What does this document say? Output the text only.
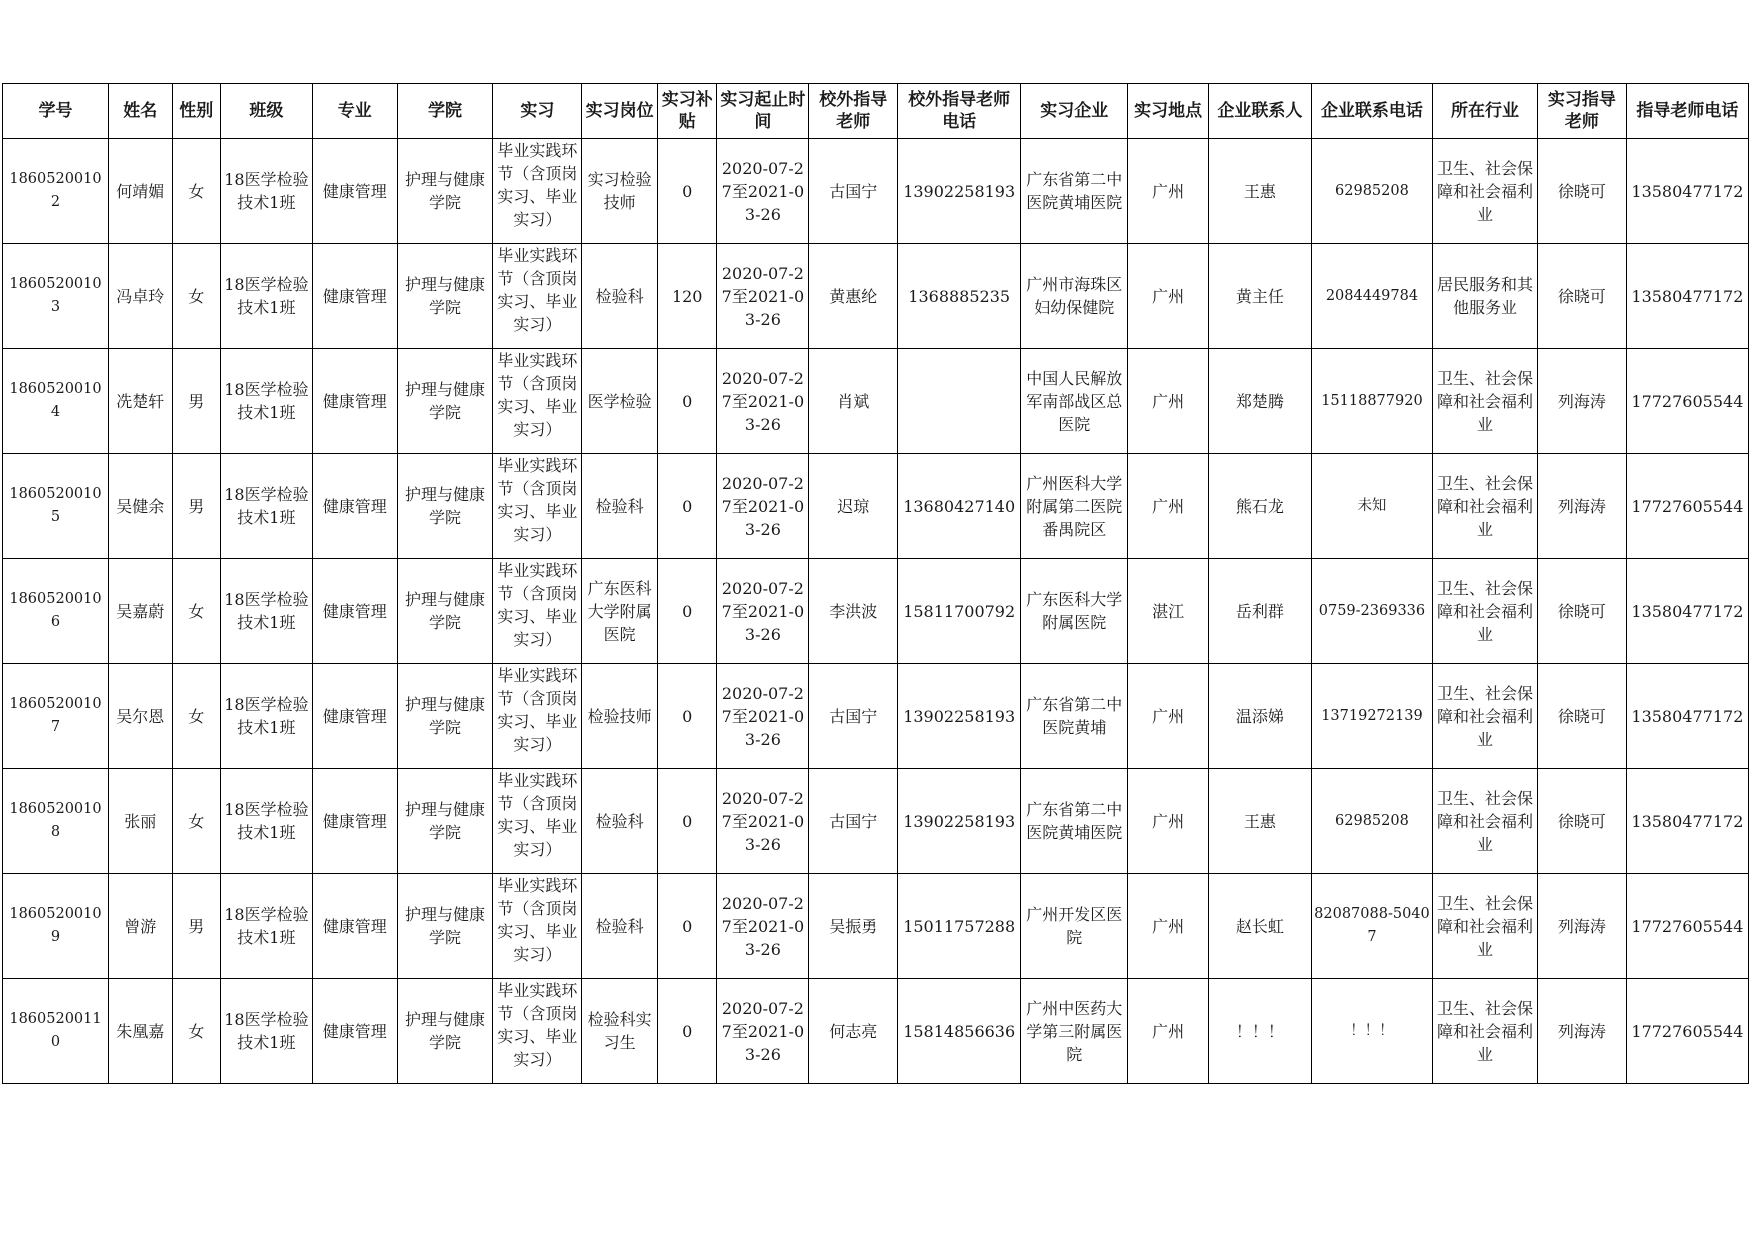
学号	姓名	性别	班级	专业	学院	实习	实习岗位	实习补贴	实习起止时间	校外指导老师	校外指导老师电话	实习企业	实习地点	企业联系人	企业联系电话	所在行业	实习指导老师	指导老师电话
18605200102	何靖媚	女	18医学检验技术1班	健康管理	护理与健康学院	毕业实践环节（含顶岗实习、毕业实习）	实习检验技师	0	2020-07-27至2021-03-26	古国宁	13902258193	广东省第二中医院黄埔医院	广州	王惠	62985208	卫生、社会保障和社会福利业	徐晓可	13580477172
18605200103	冯卓玲	女	18医学检验技术1班	健康管理	护理与健康学院	毕业实践环节（含顶岗实习、毕业实习）	检验科	120	2020-07-27至2021-03-26	黄惠纶	1368885235	广州市海珠区妇幼保健院	广州	黄主任	2084449784	居民服务和其他服务业	徐晓可	13580477172
18605200104	冼楚轩	男	18医学检验技术1班	健康管理	护理与健康学院	毕业实践环节（含顶岗实习、毕业实习）	医学检验	0	2020-07-27至2021-03-26	肖斌		中国人民解放军南部战区总医院	广州	郑楚腾	15118877920	卫生、社会保障和社会福利业	列海涛	17727605544
18605200105	吴健余	男	18医学检验技术1班	健康管理	护理与健康学院	毕业实践环节（含顶岗实习、毕业实习）	检验科	0	2020-07-27至2021-03-26	迟琼	13680427140	广州医科大学附属第二医院番禺院区	广州	熊石龙	未知	卫生、社会保障和社会福利业	列海涛	17727605544
18605200106	吴嘉蔚	女	18医学检验技术1班	健康管理	护理与健康学院	毕业实践环节（含顶岗实习、毕业实习）	广东医科大学附属医院	0	2020-07-27至2021-03-26	李洪波	15811700792	广东医科大学附属医院	湛江	岳利群	0759-2369336	卫生、社会保障和社会福利业	徐晓可	13580477172
18605200107	吴尔恩	女	18医学检验技术1班	健康管理	护理与健康学院	毕业实践环节（含顶岗实习、毕业实习）	检验技师	0	2020-07-27至2021-03-26	古国宁	13902258193	广东省第二中医院黄埔	广州	温添娣	13719272139	卫生、社会保障和社会福利业	徐晓可	13580477172
18605200108	张丽	女	18医学检验技术1班	健康管理	护理与健康学院	毕业实践环节（含顶岗实习、毕业实习）	检验科	0	2020-07-27至2021-03-26	古国宁	13902258193	广东省第二中医院黄埔医院	广州	王惠	62985208	卫生、社会保障和社会福利业	徐晓可	13580477172
18605200109	曾游	男	18医学检验技术1班	健康管理	护理与健康学院	毕业实践环节（含顶岗实习、毕业实习）	检验科	0	2020-07-27至2021-03-26	吴振勇	15011757288	广州开发区医院	广州	赵长虹	82087088-50407	卫生、社会保障和社会福利业	列海涛	17727605544
18605200110	朱凰嘉	女	18医学检验技术1班	健康管理	护理与健康学院	毕业实践环节（含顶岗实习、毕业实习）	检验科实习生	0	2020-07-27至2021-03-26	何志亮	15814856636	广州中医药大学第三附属医院	广州	！！！	！！！	卫生、社会保障和社会福利业	列海涛	17727605544
